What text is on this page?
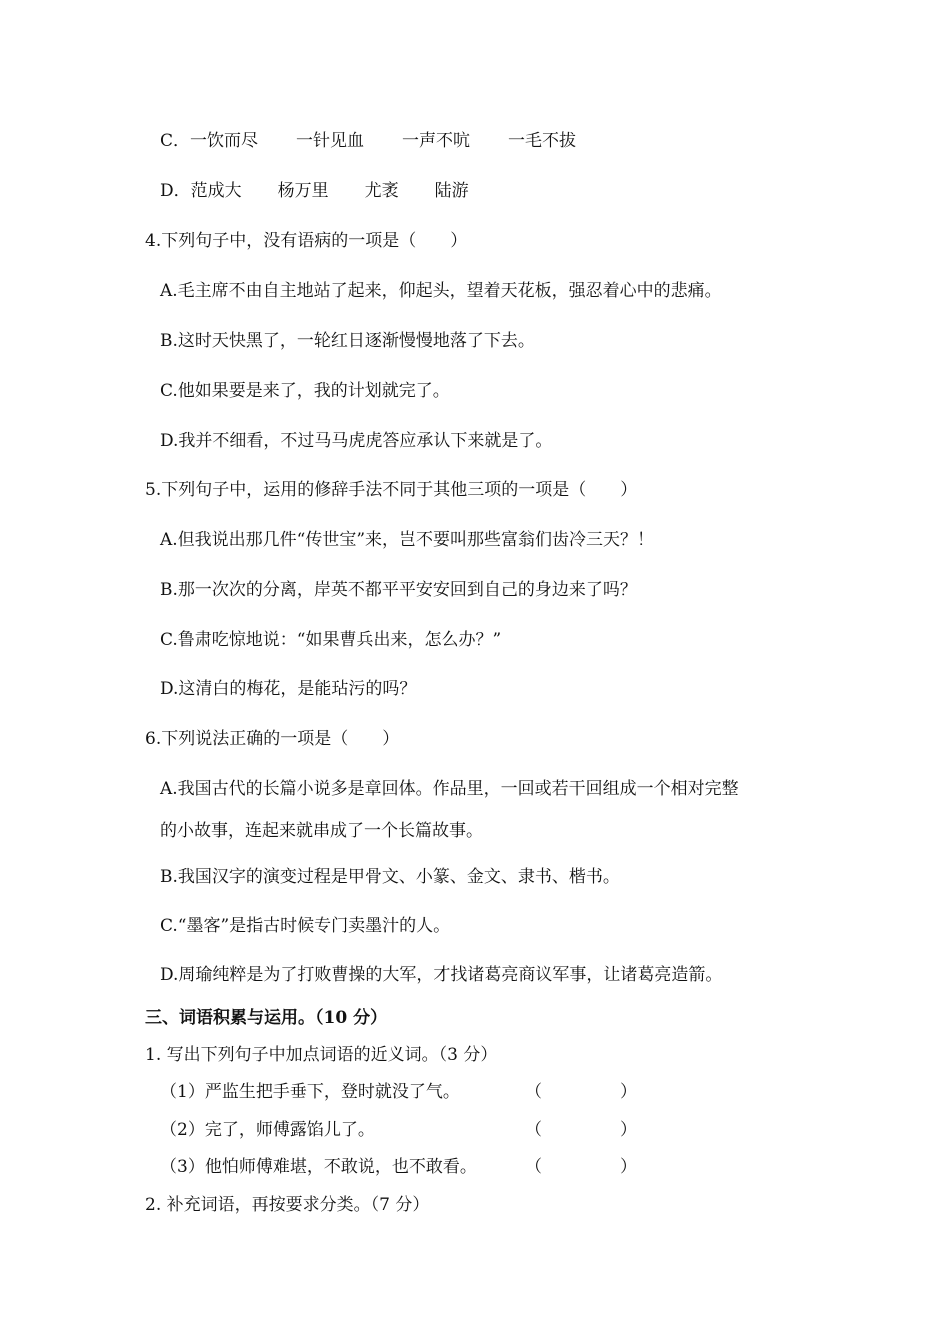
C．一饮而尽 一针见血 一声不吭 一毛不拔
D．范成大 杨万里 尤袤 陆游
4.下列句子中，没有语病的一项是（　　）
A.毛主席不由自主地站了起来，仰起头，望着天花板，强忍着心中的悲痛。
B.这时天快黑了，一轮红日逐渐慢慢地落了下去。
C.他如果要是来了，我的计划就完了。
D.我并不细看，不过马马虎虎答应承认下来就是了。
5.下列句子中，运用的修辞手法不同于其他三项的一项是（　　）
A.但我说出那几件“传世宝”来，岂不要叫那些富翁们齿冷三天？！
B.那一次次的分离，岸英不都平平安安回到自己的身边来了吗？
C.鲁肃吃惊地说：“如果曹兵出来，怎么办？”
D.这清白的梅花，是能玷污的吗？
6.下列说法正确的一项是（　　）
A.我国古代的长篇小说多是章回体。作品里，一回或若干回组成一个相对完整
的小故事，连起来就串成了一个长篇故事。
B.我国汉字的演变过程是甲骨文、小篆、金文、隶书、楷书。
C.“墨客”是指古时候专门卖墨汁的人。
D.周瑜纯粹是为了打败曹操的大军，才找诸葛亮商议军事，让诸葛亮造箭。
三、词语积累与运用。（10 分）
1. 写出下列句子中加点词语的近义词。（3 分）
（1）严监生把手垂下，登时就没了气。	（	）
（2）完了，师傅露馅儿了。	（	）
（3）他怕师傅难堪，不敢说，也不敢看。	（	）
2. 补充词语，再按要求分类。（7 分）
